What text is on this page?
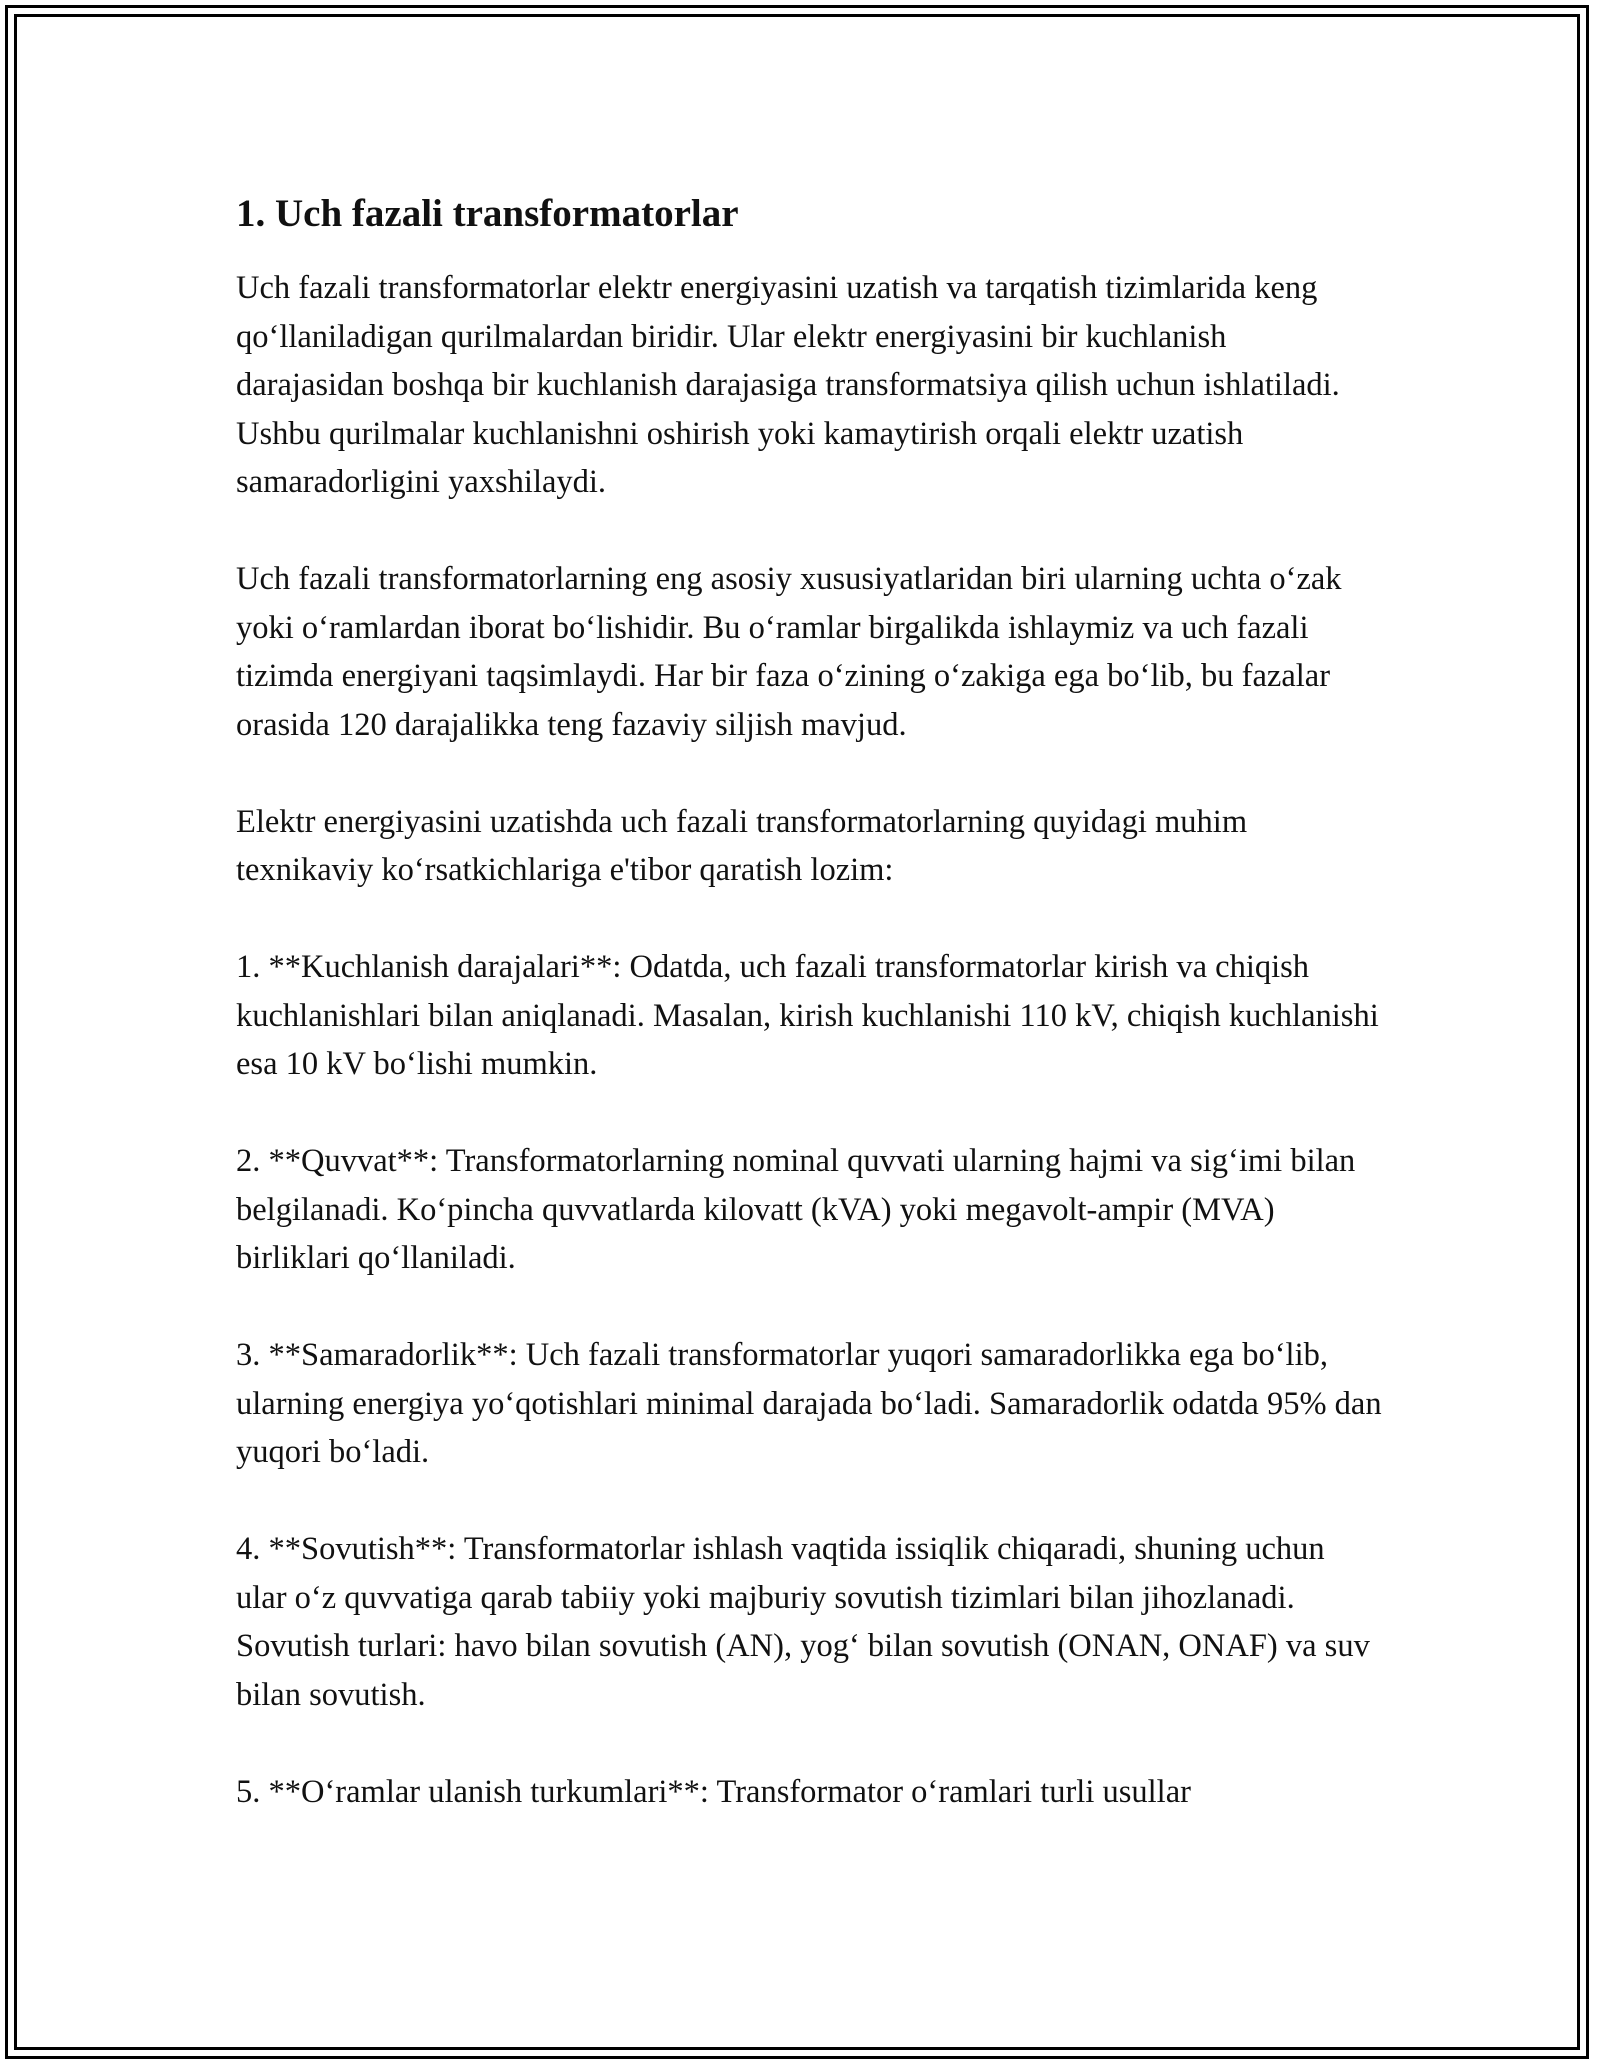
1. Uch fazali transformatorlar

Uch fazali transformatorlar elektr energiyasini uzatish va tarqatish tizimlarida keng qo‘llaniladigan qurilmalardan biridir. Ular elektr energiyasini bir kuchlanish darajasidan boshqa bir kuchlanish darajasiga transformatsiya qilish uchun ishlatiladi. Ushbu qurilmalar kuchlanishni oshirish yoki kamaytirish orqali elektr uzatish samaradorligini yaxshilaydi.

Uch fazali transformatorlarning eng asosiy xususiyatlaridan biri ularning uchta o‘zak yoki o‘ramlardan iborat bo‘lishidir. Bu o‘ramlar birgalikda ishlaymiz va uch fazali tizimda energiyani taqsimlaydi. Har bir faza o‘zining o‘zakiga ega bo‘lib, bu fazalar orasida 120 darajalikka teng fazaviy siljish mavjud.

Elektr energiyasini uzatishda uch fazali transformatorlarning quyidagi muhim texnikaviy ko‘rsatkichlariga e'tibor qaratish lozim:

1. **Kuchlanish darajalari**: Odatda, uch fazali transformatorlar kirish va chiqish kuchlanishlari bilan aniqlanadi. Masalan, kirish kuchlanishi 110 kV, chiqish kuchlanishi esa 10 kV bo‘lishi mumkin.

2. **Quvvat**: Transformatorlarning nominal quvvati ularning hajmi va sig‘imi bilan belgilanadi. Ko‘pincha quvvatlarda kilovatt (kVA) yoki megavolt-ampir (MVA) birliklari qo‘llaniladi.

3. **Samaradorlik**: Uch fazali transformatorlar yuqori samaradorlikka ega bo‘lib, ularning energiya yo‘qotishlari minimal darajada bo‘ladi. Samaradorlik odatda 95% dan yuqori bo‘ladi.

4. **Sovutish**: Transformatorlar ishlash vaqtida issiqlik chiqaradi, shuning uchun ular o‘z quvvatiga qarab tabiiy yoki majburiy sovutish tizimlari bilan jihozlanadi. Sovutish turlari: havo bilan sovutish (AN), yog‘ bilan sovutish (ONAN, ONAF) va suv bilan sovutish.

5. **O‘ramlar ulanish turkumlari**: Transformator o‘ramlari turli usullar
